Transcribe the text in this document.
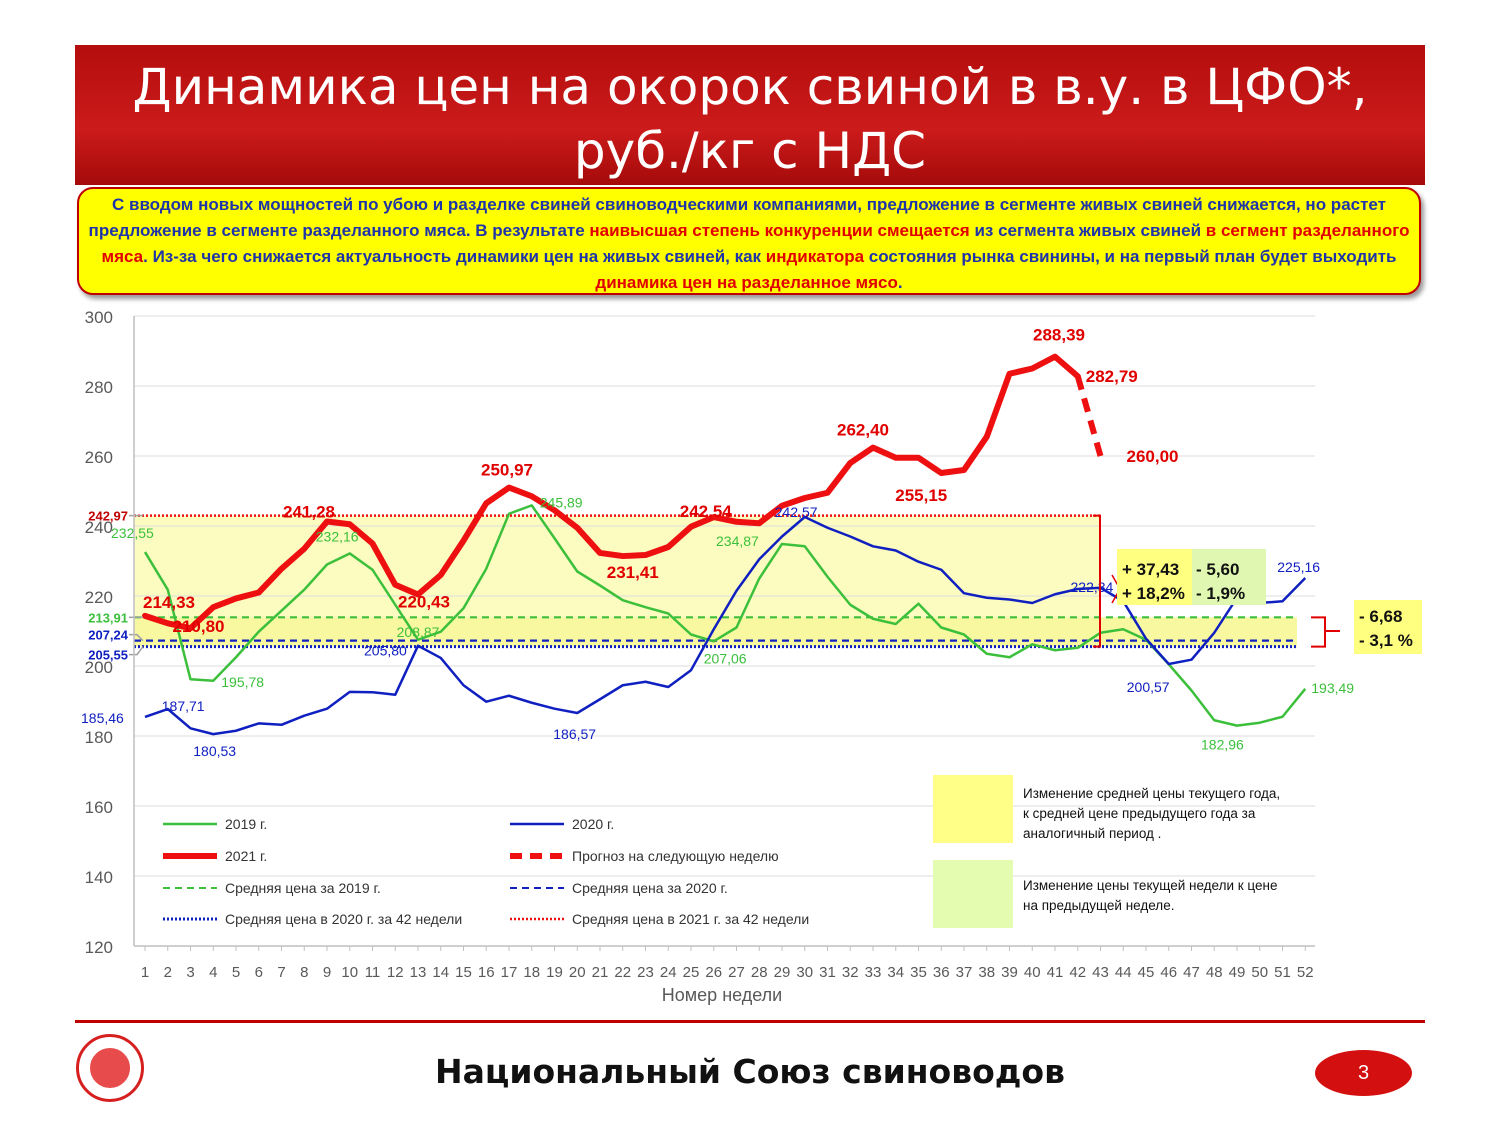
Динамика цен на окорок свиной в в.у. в ЦФО*,
руб./кг с НДС
С вводом новых мощностей по убою и разделке свиней свиноводческими компаниями, предложение в сегменте живых свиней снижается, но растет предложение в сегменте разделанного мяса. В результате наивысшая степень конкуренции смещается из сегмента живых свиней в сегмент разделанного мяса. Из-за чего снижается актуальность динамики цен на живых свиней, как индикатора состояния рынка свинины, и на первый план будет выходить динамика цен на разделанное мясо.
242,97
213,91
207,24
205,55
232,55
195,78
232,16
208,87
245,89
234,87
207,06
182,96
193,49
185,46
187,71
180,53
205,80
186,57
242,57
222,34
200,57
225,16
214,33
210,80
241,28
220,43
250,97
231,41
242,54
262,40
255,15
288,39
282,79
260,00
120
140
160
180
200
220
240
260
280
300
1 2 3 4 5 6 7 8 9 10 11 12 13 14 15 16 17 18 19 20 21 22 23 24 25 26 27 28 29 30 31 32 33 34 35 36 37 38 39 40 41 42 43 44 45 46 47 48 49 50 51 52
Номер недели
+ 37,43
+ 18,2%
- 5,60
- 1,9%
- 6,68
- 3,1 %
Изменение средней цены текущего года, к средней цене предыдущего года за аналогичный период .
Изменение цены текущей недели к цене на предыдущей неделе.
2019 г.	2020 г.
2021 г.	Прогноз на следующую неделю
Средняя цена за 2019 г.	Средняя цена за 2020 г.
Средняя цена в 2020 г. за 42 недели	Средняя цена в 2021 г. за 42 недели
Национальный Союз свиноводов	3
